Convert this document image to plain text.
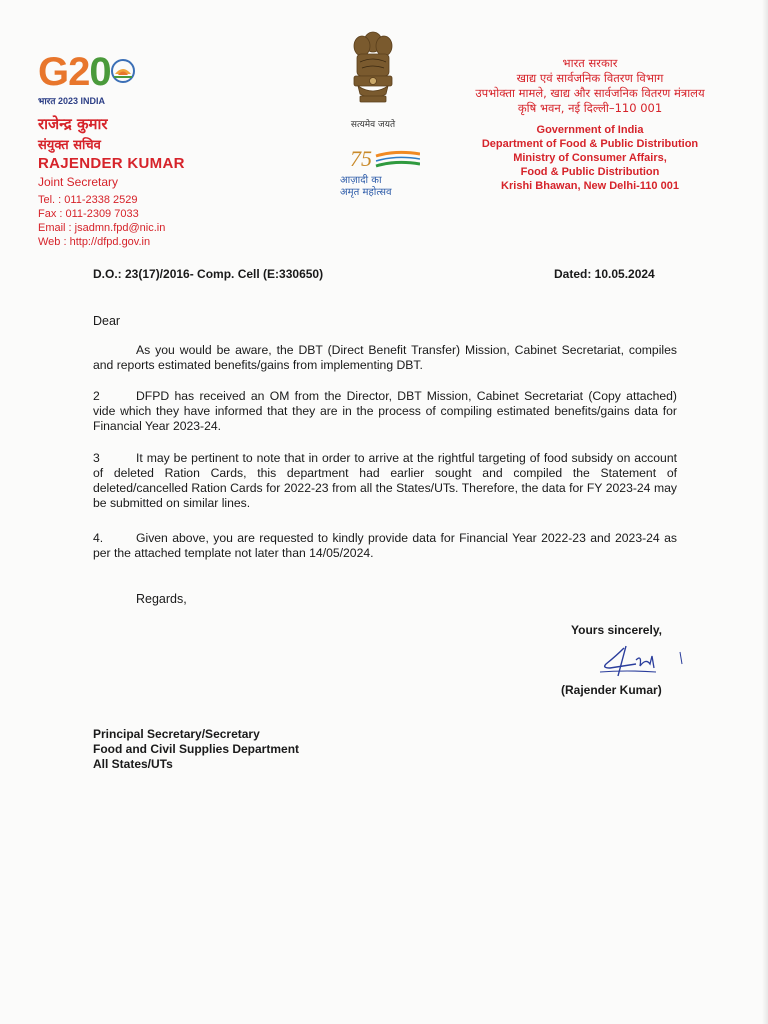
G20
भारत 2023 INDIA
राजेन्द्र कुमार
संयुक्त सचिव
RAJENDER KUMAR
Joint Secretary
Tel. : 011-2338 2529
Fax : 011-2309 7033
Email : jsadmn.fpd@nic.in
Web : http://dfpd.gov.in
सत्यमेव जयते
75
आज़ादी का
अमृत महोत्सव
भारत सरकार
खाद्य एवं सार्वजनिक वितरण विभाग
उपभोक्ता मामले, खाद्य और सार्वजनिक वितरण मंत्रालय
कृषि भवन, नई दिल्ली–110 001
Government of India
Department of Food & Public Distribution
Ministry of Consumer Affairs,
Food & Public Distribution
Krishi Bhawan, New Delhi-110 001
D.O.: 23(17)/2016- Comp. Cell (E:330650)	Dated: 10.05.2024
Dear
As you would be aware, the DBT (Direct Benefit Transfer) Mission, Cabinet Secretariat, compiles and reports estimated benefits/gains from implementing DBT.
2	DFPD has received an OM from the Director, DBT Mission, Cabinet Secretariat (Copy attached) vide which they have informed that they are in the process of compiling estimated benefits/gains data for Financial Year 2023-24.
3	It may be pertinent to note that in order to arrive at the rightful targeting of food subsidy on account of deleted Ration Cards, this department had earlier sought and compiled the Statement of deleted/cancelled Ration Cards for 2022-23 from all the States/UTs. Therefore, the data for FY 2023-24 may be submitted on similar lines.
4.	Given above, you are requested to kindly provide data for Financial Year 2022-23 and 2023-24 as per the attached template not later than 14/05/2024.
Regards,
Yours sincerely,
(Rajender Kumar)
Principal Secretary/Secretary
Food and Civil Supplies Department
All States/UTs
